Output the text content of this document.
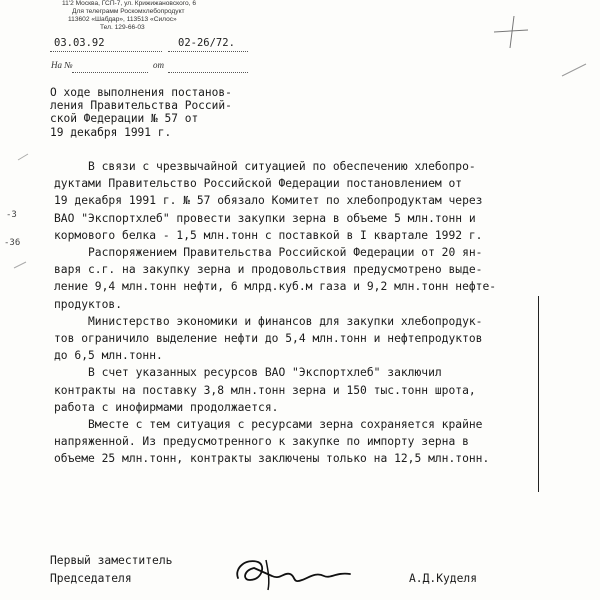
11'2 Москва, ГСП-7, ул. Крижижановского, 6
Для телеграмм Роскомхлебопродукт
113602 «Шабдар», 113513 «Силос»
Тел. 129-66-03
03.03.92	02-26/72.
На №	от
О ходе выполнения постанов-
ления Правительства Россий-
ской Федерации № 57 от
19 декабря 1991 г.
В связи с чрезвычайной ситуацией по обеспечению хлебопро-
дуктами Правительство Российской Федерации постановлением от
19 декабря 1991 г. № 57 обязало Комитет по хлебопродуктам через
ВАО "Экспортхлеб" провести закупки зерна в объеме 5 млн.тонн и
кормового белка - 1,5 млн.тонн с поставкой в I квартале 1992 г.
Распоряжением Правительства Российской Федерации от 20 ян-
варя с.г. на закупку зерна и продовольствия предусмотрено выде-
ление 9,4 млн.тонн нефти, 6 млрд.куб.м газа и 9,2 млн.тонн нефте-
продуктов.
Министерство экономики и финансов для закупки хлебопродук-
тов ограничило выделение нефти до 5,4 млн.тонн и нефтепродуктов
до 6,5 млн.тонн.
В счет указанных ресурсов ВАО "Экспортхлеб" заключил
контракты на поставку 3,8 млн.тонн зерна и 150 тыс.тонн шрота,
работа с инофирмами продолжается.
Вместе с тем ситуация с ресурсами зерна сохраняется крайне
напряженной. Из предусмотренного к закупке по импорту зерна в
объеме 25 млн.тонн, контракты заключены только на 12,5 млн.тонн.
-3
-36
Первый заместитель
Председателя	А.Д.Куделя
